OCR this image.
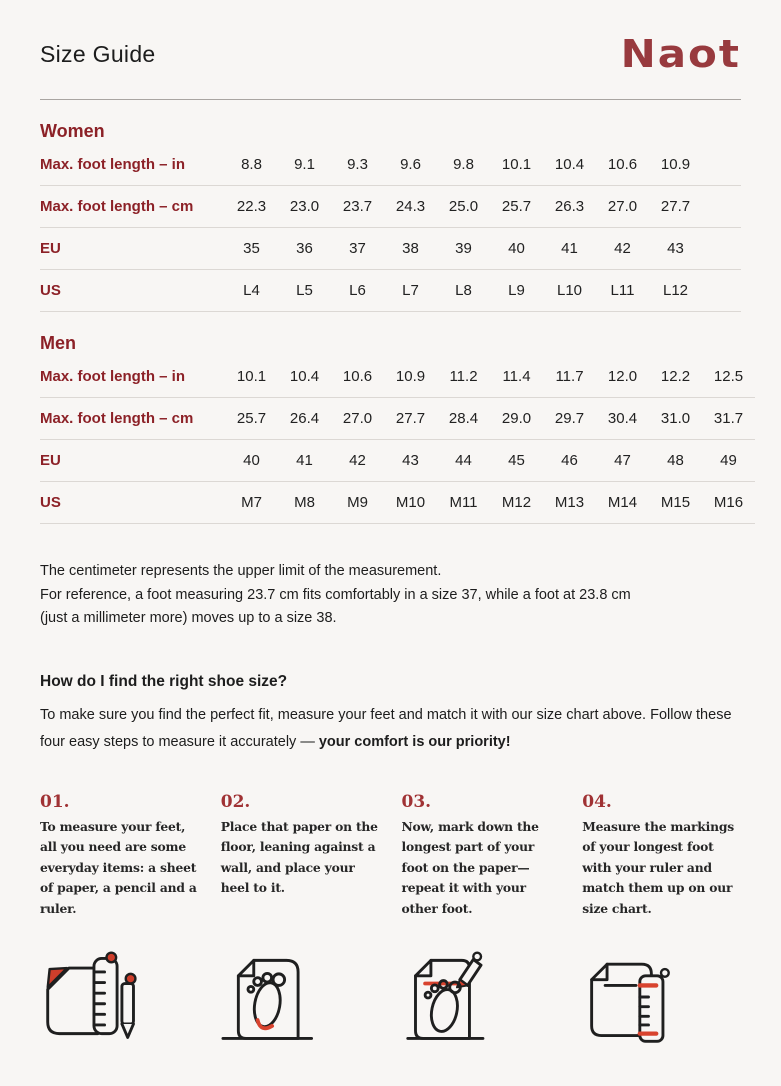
Size Guide	Naot
Women
Max. foot length – in	8.8	9.1	9.3	9.6	9.8	10.1	10.4	10.6	10.9	
Max. foot length – cm	22.3	23.0	23.7	24.3	25.0	25.7	26.3	27.0	27.7	
EU	35	36	37	38	39	40	41	42	43	
US	L4	L5	L6	L7	L8	L9	L10	L11	L12	
Men
Max. foot length – in	10.1	10.4	10.6	10.9	11.2	11.4	11.7	12.0	12.2	12.5	
Max. foot length – cm	25.7	26.4	27.0	27.7	28.4	29.0	29.7	30.4	31.0	31.7	
EU	40	41	42	43	44	45	46	47	48	49	
US	M7	M8	M9	M10	M11	M12	M13	M14	M15	M16	
The centimeter represents the upper limit of the measurement.
For reference, a foot measuring 23.7 cm fits comfortably in a size 37, while a foot at 23.8 cm
(just a millimeter more) moves up to a size 38.
How do I find the right shoe size?
To make sure you find the perfect fit, measure your feet and match it with our size chart above. Follow these four easy steps to measure it accurately — your comfort is our priority!
01.
To measure your feet, all you need are some everyday items: a sheet of paper, a pencil and a ruler.
02.
Place that paper on the floor, leaning against a wall, and place your heel to it.
03.
Now, mark down the longest part of your foot on the paper—repeat it with your other foot.
04.
Measure the markings of your longest foot with your ruler and match them up on our size chart.
